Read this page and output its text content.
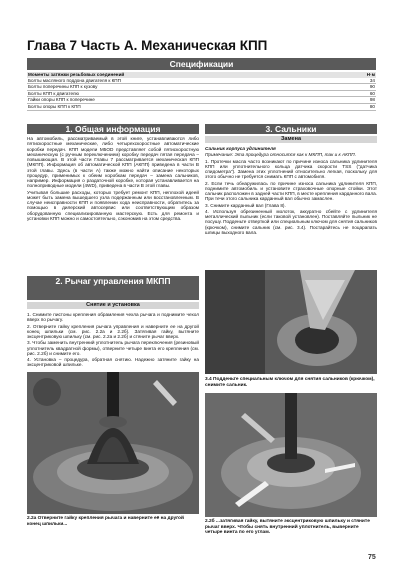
Глава 7 Часть А. Механическая КПП
Спецификации
Моменты затяжки резьбовых соединений	Н·м
Болты масляного поддона двигателя к КПП	34
Болты поперечины КПП к кузову	90
Болты КПП к двигателю	60
Гайки опоры КПП к поперечине	98
Болты опоры КПП к КПП	80
1. Общая информация

На автомобиль, рассматриваемый в этой книге, устанавливаются либо пятискоростные механические, либо четырехскоростные автоматические коробки передач. КПП модели M5OD представляет собой пятискоростную механическую (с ручным переключением) коробку передач пятая передача – повышающая. В этой части Главы 7 рассматривается механическая КПП (МКПП). Информация об автоматической КПП (АКПП) приведена в части В этой главы. Здесь (в части А) также можно найти описание некоторых процедур, применимых к обеим коробкам передач – замена сальников, например. Информация о раздаточной коробке, которая устанавливается на полноприводные модели (4WD), приведена в части В этой главы.

Учитывая большие расходы, которых требует ремонт КПП, неплохой идеей может быть замена вышедшего узла подержанным или восстановленным. В случае неисправности КПП и появлении хода неисправности, обратитесь за помощью в дилерский автосервис или соответствующим образом оборудованную специализированную мастерскую. Есть для ремонта и установки КПП можно и самостоятельно, сэкономив на этом средства.

2. Рычаг управления МКПП
Снятие и установка

1. Снимите пистоны крепления обрамления чехла рычага и поднимите чехол вверх по рычагу.

2. Отверните гайку крепления рычага управления и наверните ее на другой конец шпильки (см. рис. 2.2а и 2.2б). Затягивая гайку, вытяните эксцентриковую шпильку (см. рис. 2.2а и 2.2б) и стяните рычаг вверх.

3. Чтобы заменить внутренний уплотнитель рычага переключения (резиновый уплотнитель квадратной формы), отверните четыре винта его крепления (см. рис. 2.2б) и снимите его.

4. Установка – процедура, обратная снятию. Надежно затяните гайку на эксцентриковой шпильке.

2.2а Отверните гайку крепления рычага и наверните её на другой конец шпильки...
3. Сальники
Замена

Сальник корпуса удлинителя

Примечание: Эта процедура относится как к МКПП, так и к АКПП.

1. Протечки масла часто возникают по причине износа сальника удлинителя КПП или уплотнительного кольца датчика скорости TSS ("датчика спидометра"). Замена этих уплотнений относительно легкая, поскольку для этого обычно не требуется снимать КПП с автомобиля.

2. Если течь обнаружилась по причине износа сальника удлинителя КПП, поднимите автомобиль и установите страховочные опорные стойки. Этот сальник расположен в задней части КПП, в месте крепления карданного вала. При течи этого сальника карданный вал обычно замаслен.

3. Снимите карданный вал (Глава 8).

4. Используя обрезиненный молоток, аккуратно сбейте с удлинителя металлический пыльник (если таковой установлен). Поставляйте пыльник не посушу. Подденьте отверткой или специальным ключом для снятия сальников (крючком), снимите сальник (см. рис. 3.4). Постарайтесь не поцарапать шлицы выходного вала.

3.4 Подденьте специальным ключом для снятия сальников (крючком), снимите сальник.
2.2б ...затягивая гайку, вытяните эксцентриковую шпильку и стяните рычаг вверх. Чтобы снять внутренний уплотнитель, выверните четыре винта по его углам.
75
